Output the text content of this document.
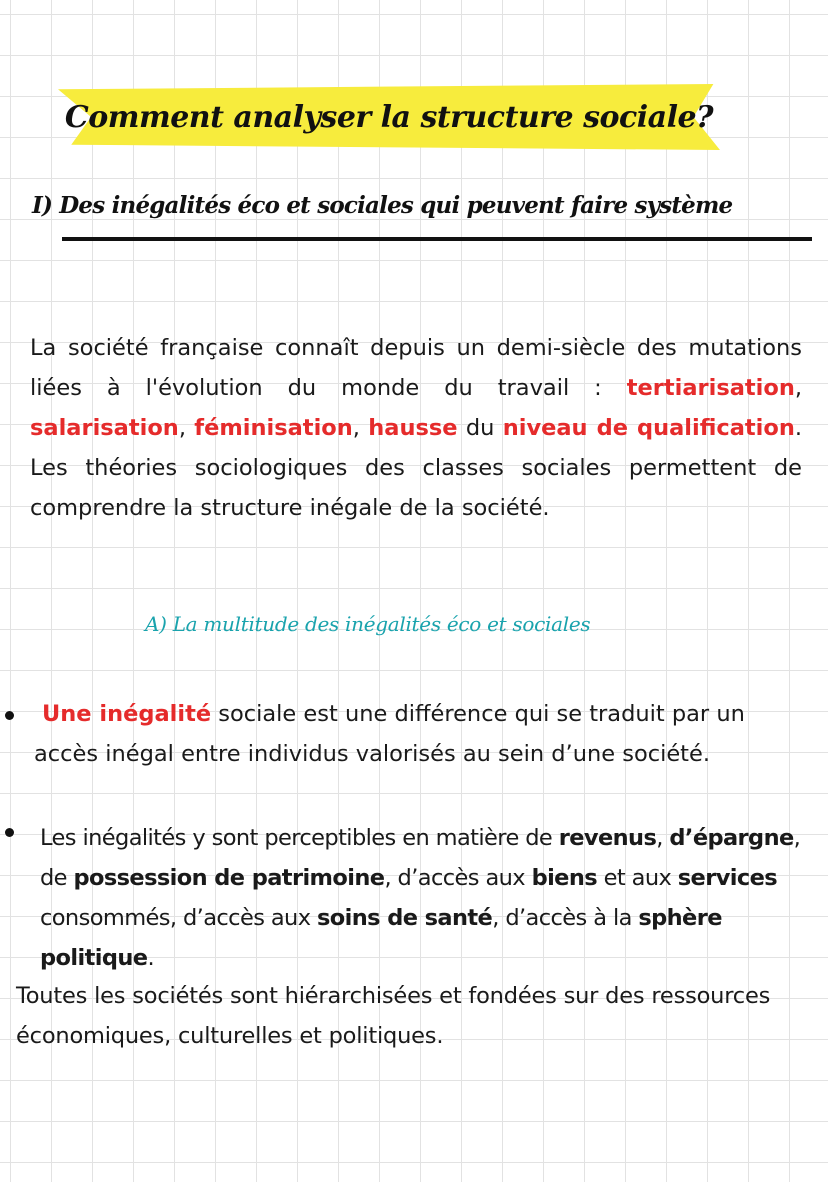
Comment analyser la structure sociale?
I) Des inégalités éco et sociales qui peuvent faire système

La société française connaît depuis un demi-siècle des mutations liées à l'évolution du monde du travail : tertiarisation, salarisation, féminisation, hausse du niveau de qualification. Les théories sociologiques des classes sociales permettent de comprendre la structure inégale de la société.

A) La multitude des inégalités éco et sociales

Une inégalité sociale est une différence qui se traduit par un accès inégal entre individus valorisés au sein d’une société.

Les inégalités y sont perceptibles en matière de revenus, d’épargne, de possession de patrimoine, d’accès aux biens et aux services consommés, d’accès aux soins de santé, d’accès à la sphère politique.

Toutes les sociétés sont hiérarchisées et fondées sur des ressources économiques, culturelles et politiques.
